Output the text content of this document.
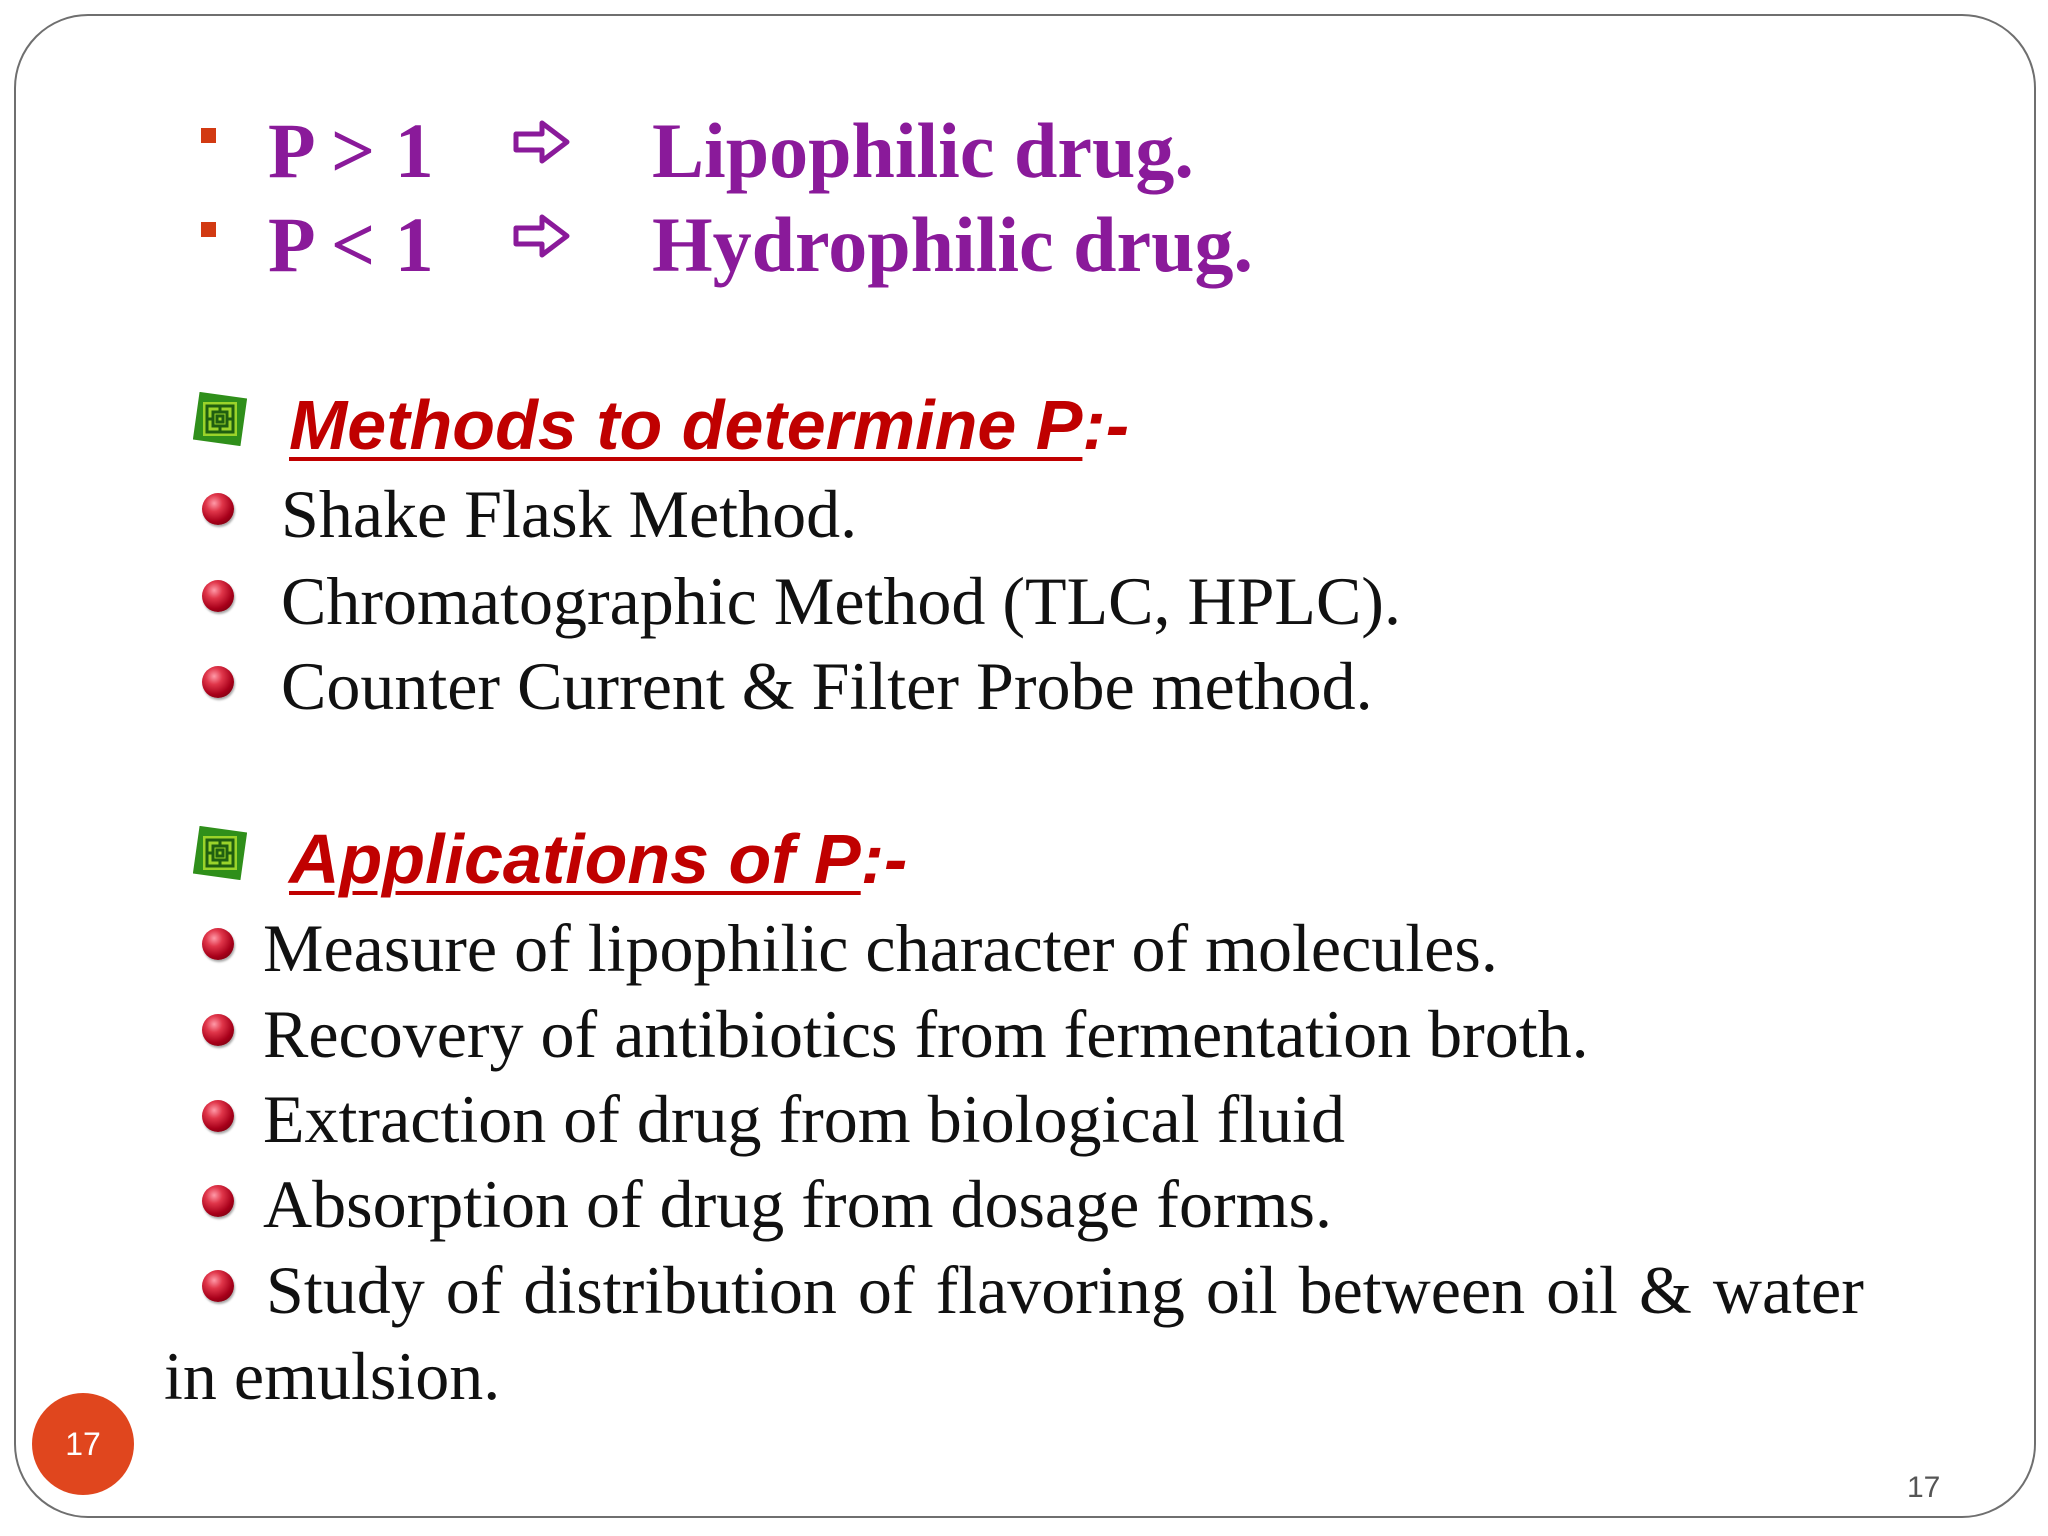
P > 1	Lipophilic drug.
P < 1	Hydrophilic drug.
Methods to determine P:-
Shake Flask Method.
Chromatographic Method (TLC, HPLC).
Counter Current & Filter Probe method.
Applications of P:-
Measure of lipophilic character of molecules.
Recovery of antibiotics from fermentation broth.
Extraction of drug from biological fluid
Absorption of drug from dosage forms.
Study of distribution of flavoring oil between oil & water
in emulsion.
17
17
